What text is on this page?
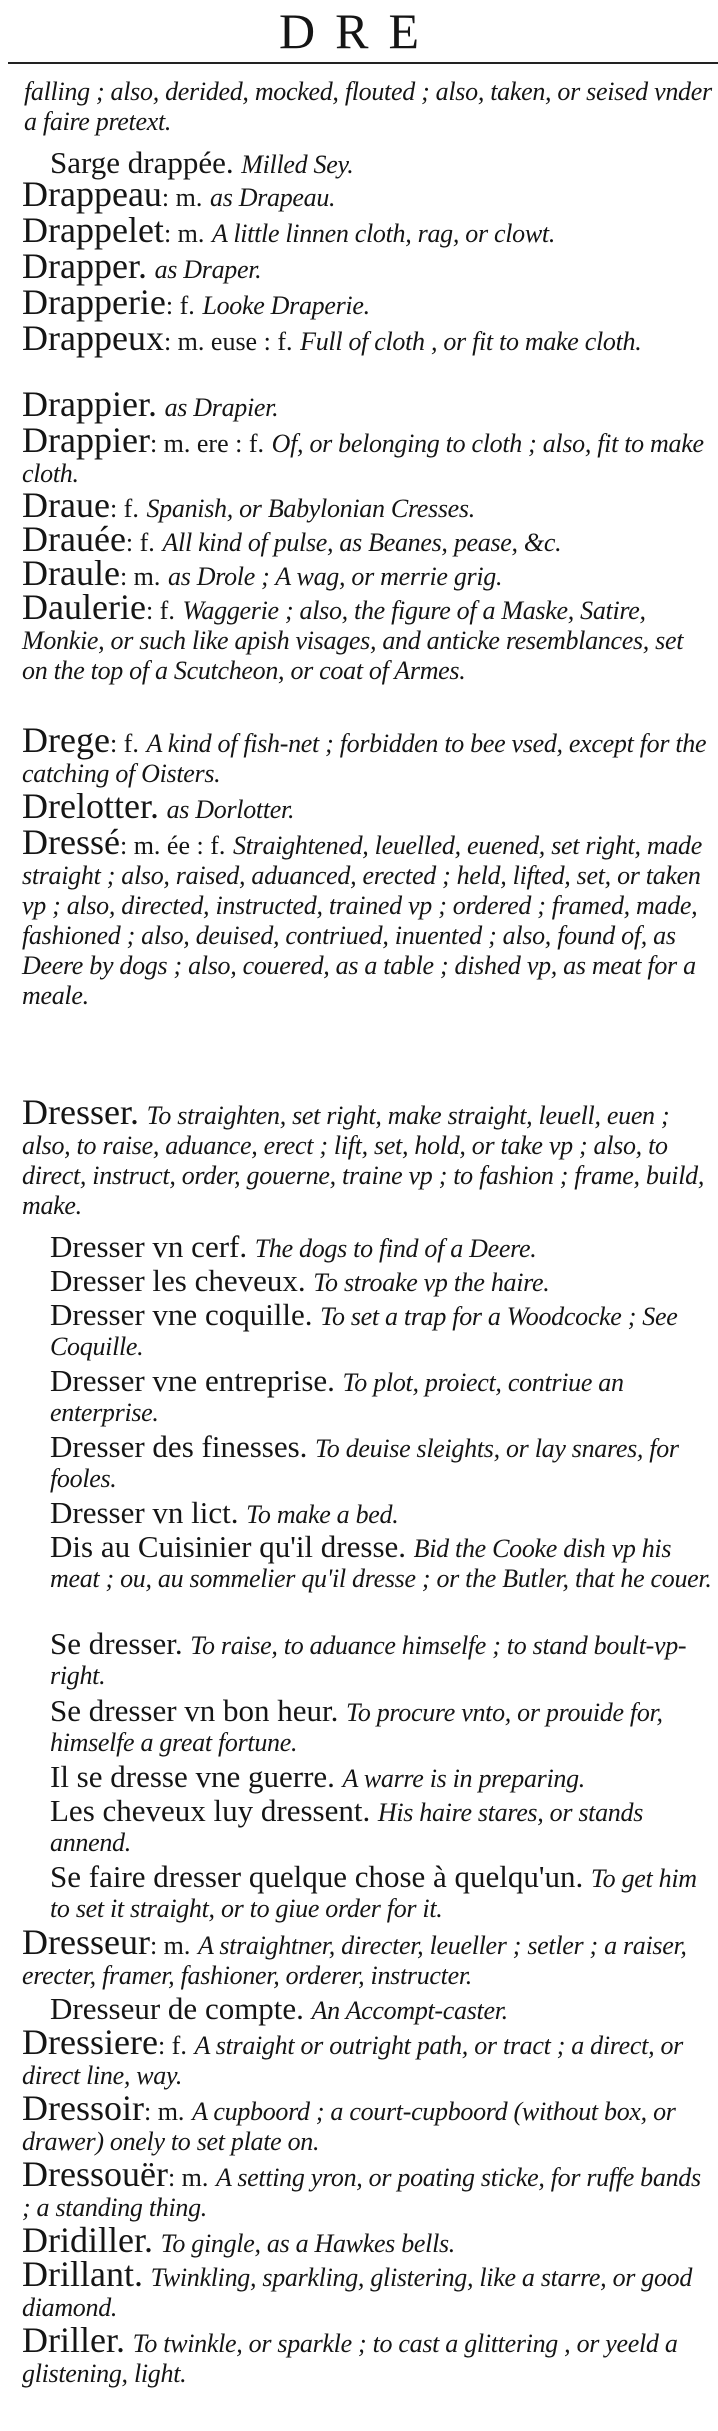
DRE
falling ; also, derided, mocked, flouted ; also, taken, or seised vnder a faire pretext.
Sarge drappée. Milled Sey.
Drappeau: m. as Drapeau.
Drappelet: m. A little linnen cloth, rag, or clowt.
Drapper. as Draper.
Drapperie: f. Looke Draperie.
Drappeux: m. euse : f. Full of cloth , or fit to make cloth.
Drappier. as Drapier.
Drappier: m. ere : f. Of, or belonging to cloth ; also, fit to make cloth.
Draue: f. Spanish, or Babylonian Cresses.
Drauée: f. All kind of pulse, as Beanes, pease, &c.
Draule: m. as Drole ; A wag, or merrie grig.
Daulerie: f. Waggerie ; also, the figure of a Maske, Satire, Monkie, or such like apish visages, and anticke resemblances, set on the top of a Scutcheon, or coat of Armes.
Drege: f. A kind of fish-net ; forbidden to bee vsed, except for the catching of Oisters.
Drelotter. as Dorlotter.
Dressé: m. ée : f. Straightened, leuelled, euened, set right, made straight ; also, raised, aduanced, erected ; held, lifted, set, or taken vp ; also, directed, instructed, trained vp ; ordered ; framed, made, fashioned ; also, deuised, contriued, inuented ; also, found of, as Deere by dogs ; also, couered, as a table ; dished vp, as meat for a meale.
Dresser. To straighten, set right, make straight, leuell, euen ; also, to raise, aduance, erect ; lift, set, hold, or take vp ; also, to direct, instruct, order, gouerne, traine vp ; to fashion ; frame, build, make.
Dresser vn cerf. The dogs to find of a Deere.
Dresser les cheveux. To stroake vp the haire.
Dresser vne coquille. To set a trap for a Woodcocke ; See Coquille.
Dresser vne entreprise. To plot, proiect, contriue an enterprise.
Dresser des finesses. To deuise sleights, or lay snares, for fooles.
Dresser vn lict. To make a bed.
Dis au Cuisinier qu'il dresse. Bid the Cooke dish vp his meat ; ou, au sommelier qu'il dresse ; or the Butler, that he couer.
Se dresser. To raise, to aduance himselfe ; to stand boult-vp-right.
Se dresser vn bon heur. To procure vnto, or prouide for, himselfe a great fortune.
Il se dresse vne guerre. A warre is in preparing.
Les cheveux luy dressent. His haire stares, or stands annend.
Se faire dresser quelque chose à quelqu'un. To get him to set it straight, or to giue order for it.
Dresseur: m. A straightner, directer, leueller ; setler ; a raiser, erecter, framer, fashioner, orderer, instructer.
Dresseur de compte. An Accompt-caster.
Dressiere: f. A straight or outright path, or tract ; a direct, or direct line, way.
Dressoir: m. A cupboord ; a court-cupboord (without box, or drawer) onely to set plate on.
Dressouër: m. A setting yron, or poating sticke, for ruffe bands ; a standing thing.
Dridiller. To gingle, as a Hawkes bells.
Drillant. Twinkling, sparkling, glistering, like a starre, or good diamond.
Driller. To twinkle, or sparkle ; to cast a glittering , or yeeld a glistening, light.
